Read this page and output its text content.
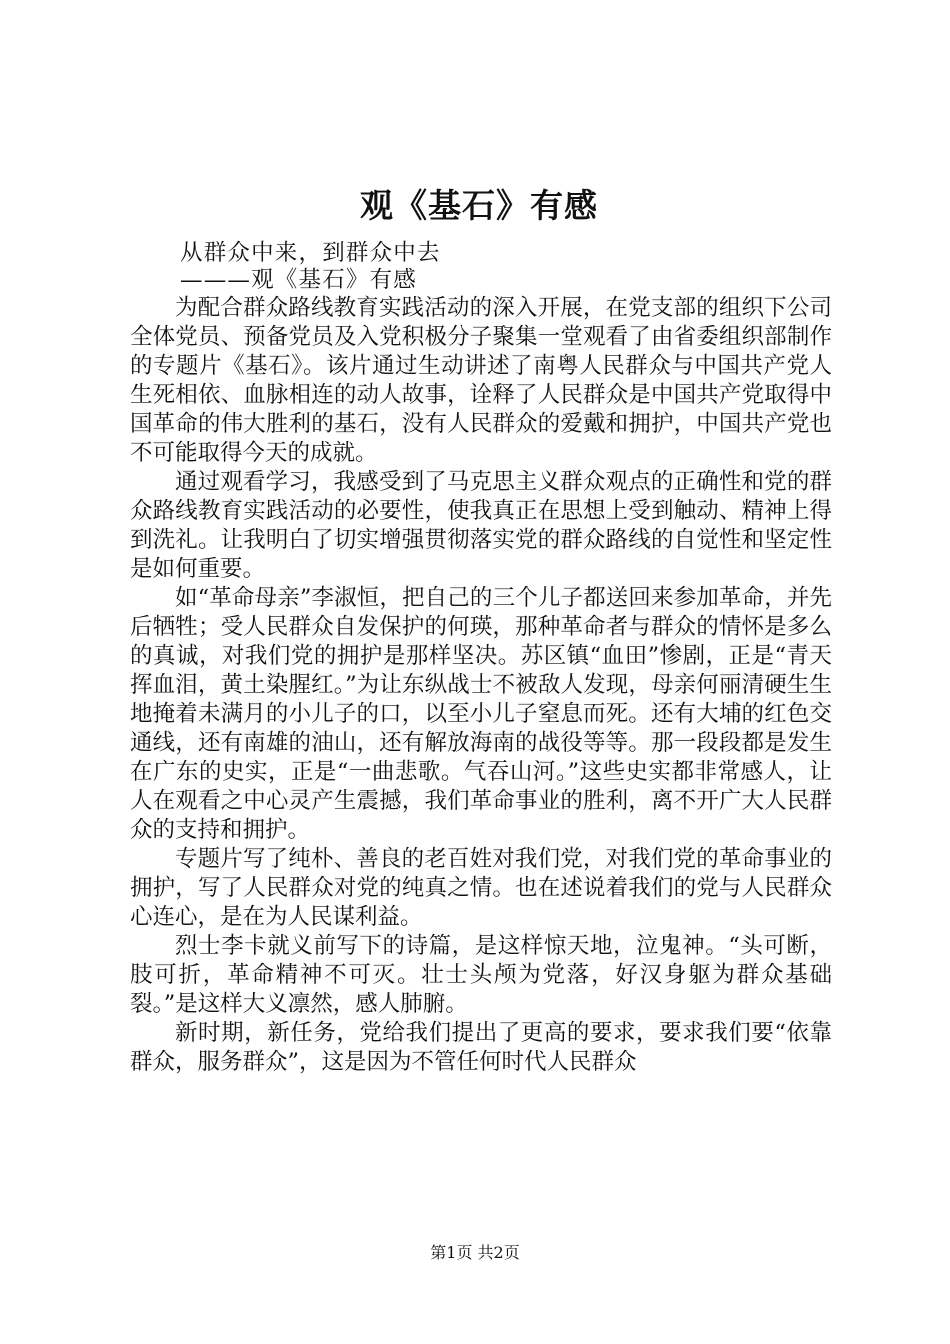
观《基石》有感
从群众中来，到群众中去
———观《基石》有感

为配合群众路线教育实践活动的深入开展，在党支部的组织下公司全体党员、预备党员及入党积极分子聚集一堂观看了由省委组织部制作的专题片《基石》。该片通过生动讲述了南粤人民群众与中国共产党人生死相依、血脉相连的动人故事，诠释了人民群众是中国共产党取得中国革命的伟大胜利的基石，没有人民群众的爱戴和拥护，中国共产党也不可能取得今天的成就。

通过观看学习，我感受到了马克思主义群众观点的正确性和党的群众路线教育实践活动的必要性，使我真正在思想上受到触动、精神上得到洗礼。让我明白了切实增强贯彻落实党的群众路线的自觉性和坚定性是如何重要。

如“革命母亲”李淑恒，把自己的三个儿子都送回来参加革命，并先后牺牲；受人民群众自发保护的何瑛，那种革命者与群众的情怀是多么的真诚，对我们党的拥护是那样坚决。苏区镇“血田”惨剧，正是“青天挥血泪，黄土染腥红。”为让东纵战士不被敌人发现，母亲何丽清硬生生地掩着未满月的小儿子的口，以至小儿子窒息而死。还有大埔的红色交通线，还有南雄的油山，还有解放海南的战役等等。那一段段都是发生在广东的史实，正是“一曲悲歌。气吞山河。”这些史实都非常感人，让人在观看之中心灵产生震撼，我们革命事业的胜利，离不开广大人民群众的支持和拥护。

专题片写了纯朴、善良的老百姓对我们党，对我们党的革命事业的拥护，写了人民群众对党的纯真之情。也在述说着我们的党与人民群众心连心，是在为人民谋利益。

烈士李卡就义前写下的诗篇，是这样惊天地，泣鬼神。“头可断，肢可折，革命精神不可灭。壮士头颅为党落，好汉身躯为群众基础裂。”是这样大义凛然，感人肺腑。

新时期，新任务，党给我们提出了更高的要求，要求我们要“依靠群众，服务群众”，这是因为不管任何时代人民群众

第1页 共2页
